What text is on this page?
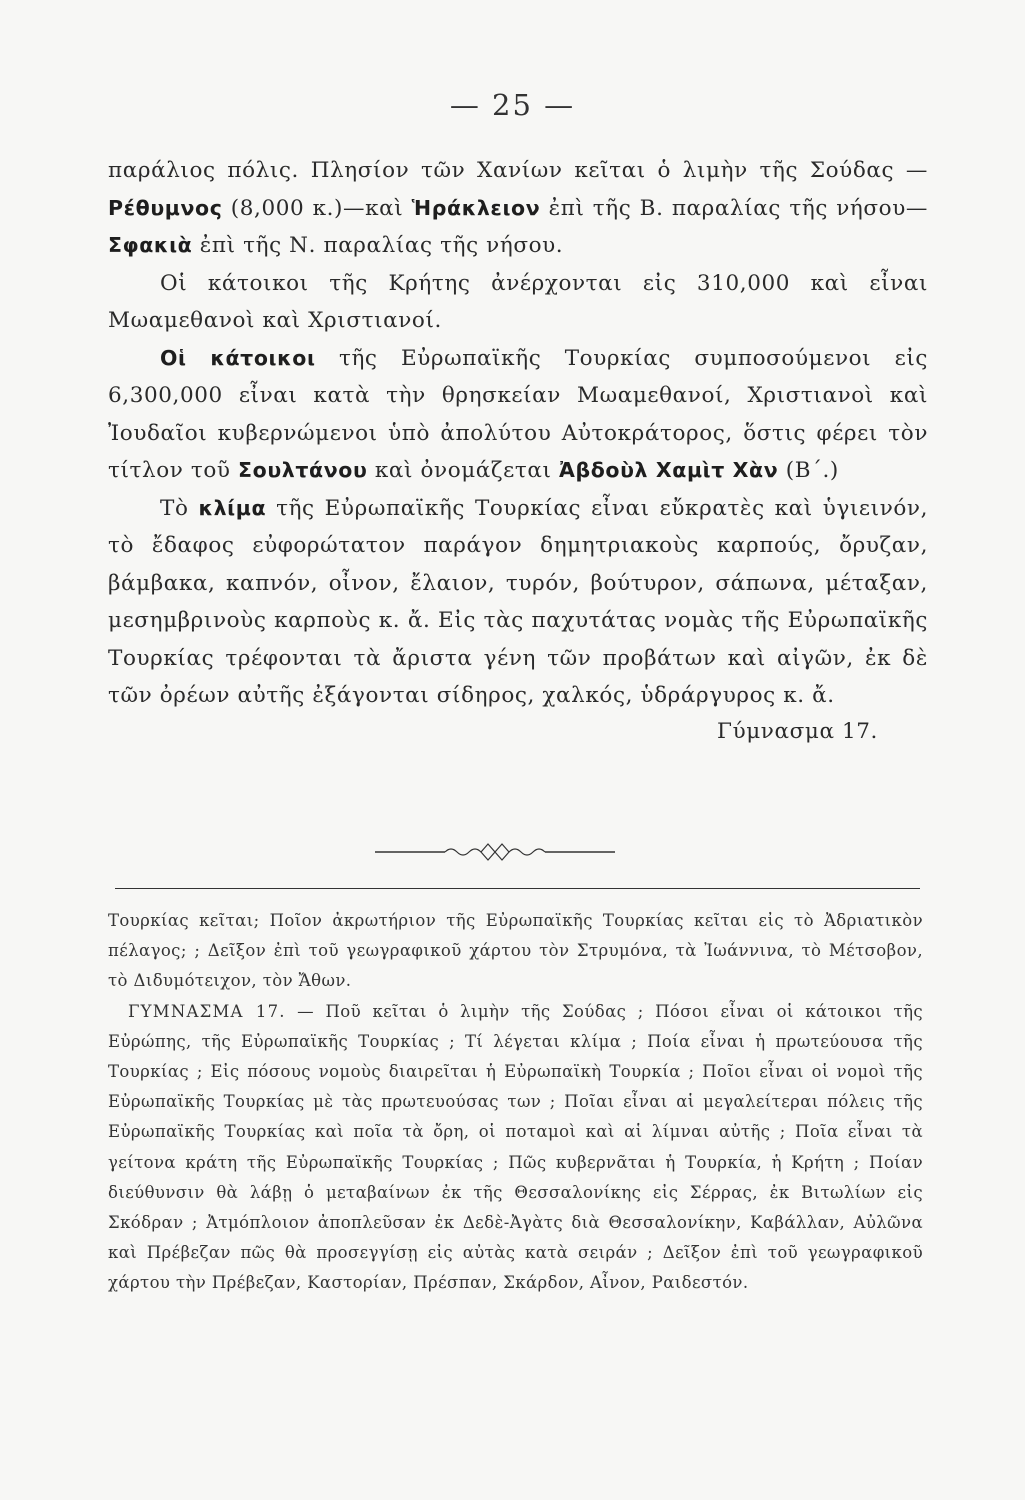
— 25 —

παράλιος πόλις. Πλησίον τῶν Χανίων κεῖται ὁ λιμὴν τῆς Σούδας —Ρέθυμνος (8,000 κ.)—καὶ Ἡράκλειον ἐπὶ τῆς Β. παραλίας τῆς νήσου—Σφακιὰ ἐπὶ τῆς Ν. παραλίας τῆς νήσου.

Οἱ κάτοικοι τῆς Κρήτης ἀνέρχονται εἰς 310,000 καὶ εἶναι Μωαμεθανοὶ καὶ Χριστιανοί.

Οἱ κάτοικοι τῆς Εὐρωπαϊκῆς Τουρκίας συμποσούμενοι εἰς 6,300,000 εἶναι κατὰ τὴν θρησκείαν Μωαμεθανοί, Χριστιανοὶ καὶ Ἰουδαῖοι κυβερνώμενοι ὑπὸ ἀπολύτου Αὐτοκράτορος, ὅστις φέρει τὸν τίτλον τοῦ Σουλτάνου καὶ ὀνομάζεται Ἀβδοὺλ Χαμὶτ Χὰν (Β΄.)

Τὸ κλίμα τῆς Εὐρωπαϊκῆς Τουρκίας εἶναι εὔκρατὲς καὶ ὑγιεινόν, τὸ ἔδαφος εὐφορώτατον παράγον δημητριακοὺς καρπούς, ὄρυζαν, βάμβακα, καπνόν, οἶνον, ἔλαιον, τυρόν, βούτυρον, σάπωνα, μέταξαν, μεσημβρινοὺς καρποὺς κ. ἄ. Εἰς τὰς παχυτάτας νομὰς τῆς Εὐρωπαϊκῆς Τουρκίας τρέφονται τὰ ἄριστα γένη τῶν προβάτων καὶ αἰγῶν, ἐκ δὲ τῶν ὀρέων αὐτῆς ἐξάγονται σίδηρος, χαλκός, ὑδράργυρος κ. ἄ.
Γύμνασμα 17.

Τουρκίας κεῖται; Ποῖον ἀκρωτήριον τῆς Εὐρωπαϊκῆς Τουρκίας κεῖται εἰς τὸ Ἀδριατικὸν πέλαγος; ; Δεῖξον ἐπὶ τοῦ γεωγραφικοῦ χάρτου τὸν Στρυμόνα, τὰ Ἰωάννινα, τὸ Μέτσοβον, τὸ Διδυμότειχον, τὸν Ἄθων.

ΓΥΜΝΑΣΜΑ 17. — Ποῦ κεῖται ὁ λιμὴν τῆς Σούδας ; Πόσοι εἶναι οἱ κάτοικοι τῆς Εὐρώπης, τῆς Εὐρωπαϊκῆς Τουρκίας ; Τί λέγεται κλίμα ; Ποία εἶναι ἡ πρωτεύουσα τῆς Τουρκίας ; Εἰς πόσους νομοὺς διαιρεῖται ἡ Εὐρωπαϊκὴ Τουρκία ; Ποῖοι εἶναι οἱ νομοὶ τῆς Εὐρωπαϊκῆς Τουρκίας μὲ τὰς πρωτευούσας των ; Ποῖαι εἶναι αἱ μεγαλείτεραι πόλεις τῆς Εὐρωπαϊκῆς Τουρκίας καὶ ποῖα τὰ ὄρη, οἱ ποταμοὶ καὶ αἱ λίμναι αὐτῆς ; Ποῖα εἶναι τὰ γείτονα κράτη τῆς Εὐρωπαϊκῆς Τουρκίας ; Πῶς κυβερνᾶται ἡ Τουρκία, ἡ Κρήτη ; Ποίαν διεύθυνσιν θὰ λάβῃ ὁ μεταβαίνων ἐκ τῆς Θεσσαλονίκης εἰς Σέρρας, ἐκ Βιτωλίων εἰς Σκόδραν ; Ἀτμόπλοιον ἀποπλεῦσαν ἐκ Δεδὲ-Ἀγὰτς διὰ Θεσσαλονίκην, Καβάλλαν, Αὐλῶνα καὶ Πρέβεζαν πῶς θὰ προσεγγίσῃ εἰς αὐτὰς κατὰ σειράν ; Δεῖξον ἐπὶ τοῦ γεωγραφικοῦ χάρτου τὴν Πρέβεζαν, Καστορίαν, Πρέσπαν, Σκάρδον, Αἶνον, Ραιδεστόν.
